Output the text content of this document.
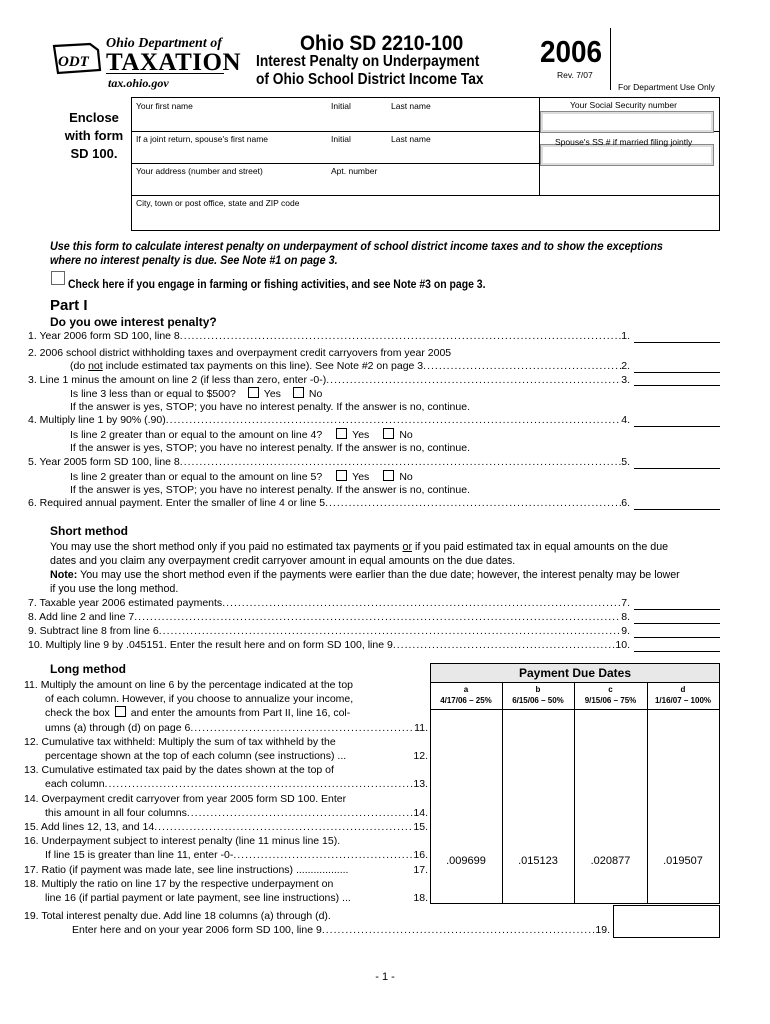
ODT
Ohio Department of
TAXATION
tax.ohio.gov
Ohio SD 2210-100
Interest Penalty on Underpayment
of Ohio School District Income Tax
2006
Rev. 7/07
For Department Use Only
Enclose
with form
SD 100.
Your first name	Initial	Last name	Your Social Security number
If a joint return, spouse's first name	Initial	Last name	Spouse's SS # if married filing jointly
Your address (number and street)	Apt. number
City, town or post office, state and ZIP code
Use this form to calculate interest penalty on underpayment of school district income taxes and to show the exceptions where no interest penalty is due. See Note #1 on page 3.
Check here if you engage in farming or fishing activities, and see Note #3 on page 3.
Part I
Do you owe interest penalty?
1. Year 2006 form SD 100, line 8 .....	1.
2. 2006 school district withholding taxes and overpayment credit carryovers from year 2005
(do not include estimated tax payments on this line). See Note #2 on page 3 .....	2.
3. Line 1 minus the amount on line 2 (if less than zero, enter -0-) .....	3.
Is line 3 less than or equal to $500?	Yes	No
If the answer is yes, STOP; you have no interest penalty. If the answer is no, continue.
4. Multiply line 1 by 90% (.90) .....	4.
Is line 2 greater than or equal to the amount on line 4?	Yes	No
If the answer is yes, STOP; you have no interest penalty. If the answer is no, continue.
5. Year 2005 form SD 100, line 8 .....	5.
Is line 2 greater than or equal to the amount on line 5?	Yes	No
If the answer is yes, STOP; you have no interest penalty. If the answer is no, continue.
6. Required annual payment. Enter the smaller of line 4 or line 5 .....	6.
Short method
You may use the short method only if you paid no estimated tax payments or if you paid estimated tax in equal amounts on the due
dates and you claim any overpayment credit carryover amount in equal amounts on the due dates.
Note: You may use the short method even if the payments were earlier than the due date; however, the interest penalty may be lower
if you use the long method.
7. Taxable year 2006 estimated payments .....	7.
8. Add line 2 and line 7 .....	8.
9. Subtract line 8 from line 6 .....	9.
10. Multiply line 9 by .045151. Enter the result here and on form SD 100, line 9 .....	10.
Long method
11. Multiply the amount on line 6 by the percentage indicated at the top
of each column. However, if you choose to annualize your income,
check the box and enter the amounts from Part II, line 16, col-
umns (a) through (d) on page 6 .....	11.
12. Cumulative tax withheld: Multiply the sum of tax withheld by the
percentage shown at the top of each column (see instructions) ...	12.
13. Cumulative estimated tax paid by the dates shown at the top of
each column .....	13.
14. Overpayment credit carryover from year 2005 form SD 100. Enter
this amount in all four columns .....	14.
15. Add lines 12, 13, and 14 .....	15.
16. Underpayment subject to interest penalty (line 11 minus line 15).
If line 15 is greater than line 11, enter -0- .....	16.
17. Ratio (if payment was made late, see line instructions) ..................	17.
18. Multiply the ratio on line 17 by the respective underpayment on
line 16 (if partial payment or late payment, see line instructions) ...	18.
Payment Due Dates
a	b	c	d
4/17/06 – 25%	6/15/06 – 50%	9/15/06 – 75%	1/16/07 – 100%
.009699	.015123	.020877	.019507
19. Total interest penalty due. Add line 18 columns (a) through (d).
Enter here and on your year 2006 form SD 100, line 9 .....	19.
- 1 -
